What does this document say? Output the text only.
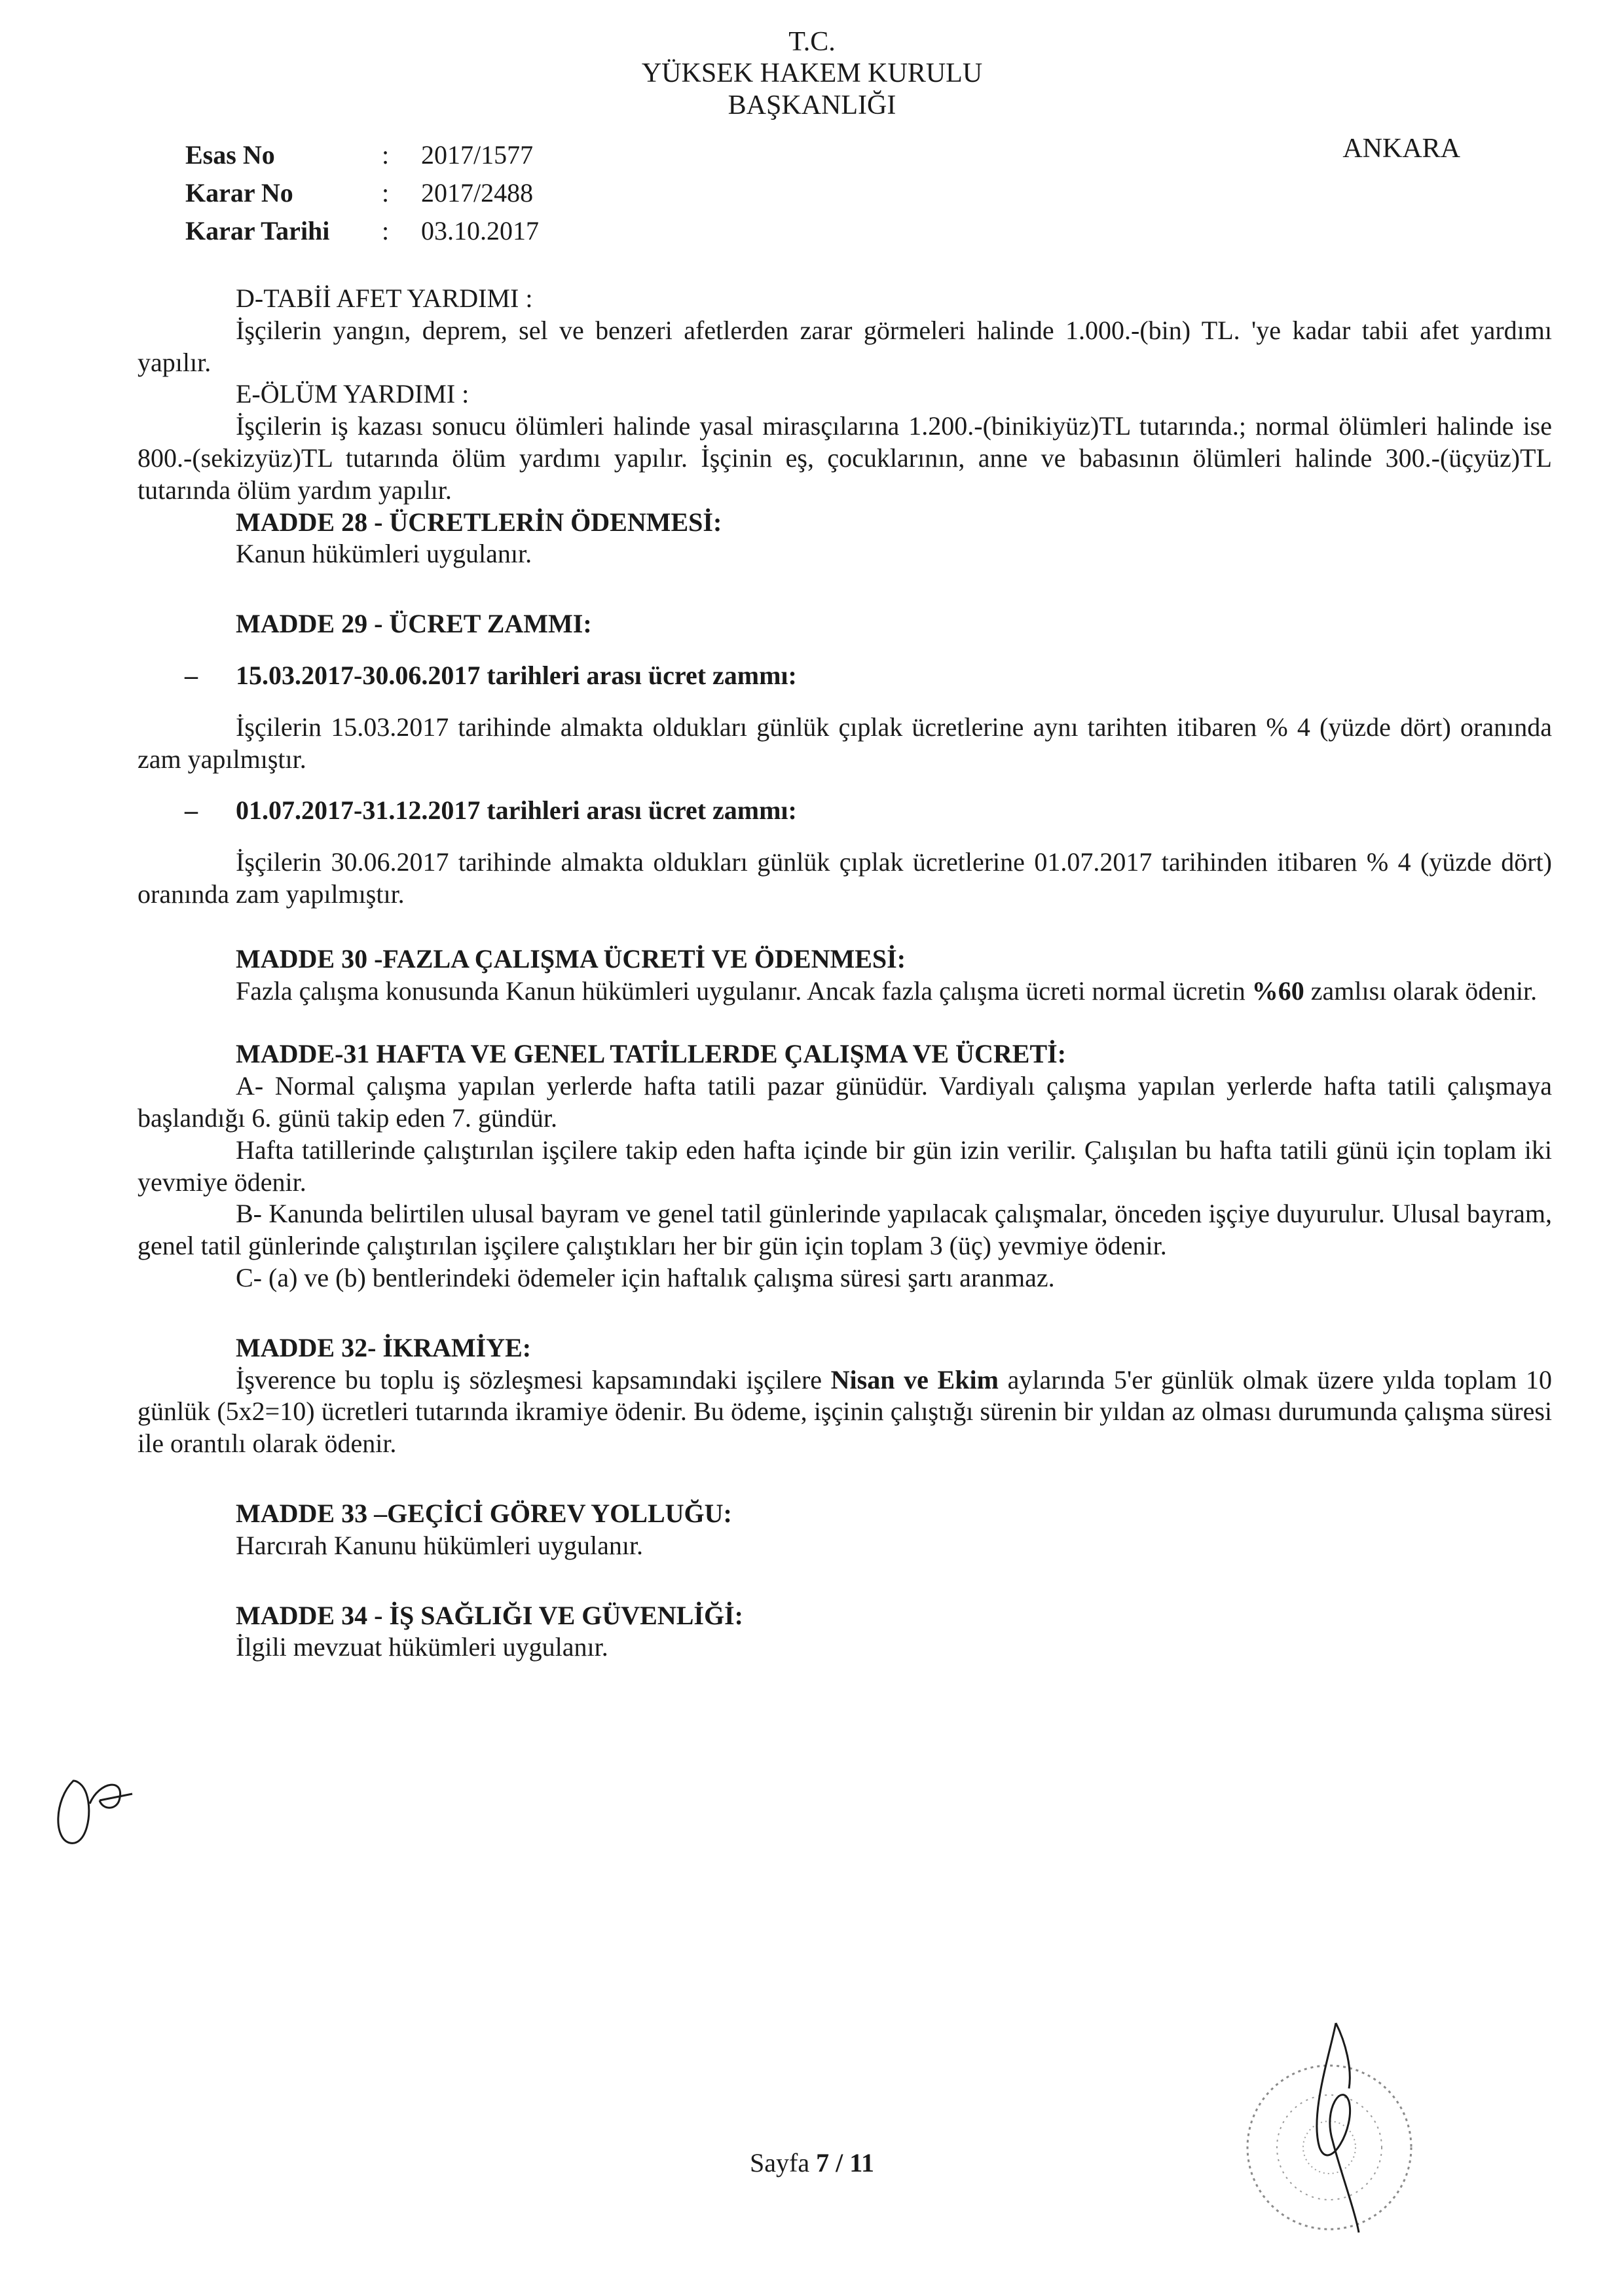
T.C.
YÜKSEK HAKEM KURULU
BAŞKANLIĞI
ANKARA
Esas No	:	2017/1577
Karar No	:	2017/2488
Karar Tarihi	:	03.10.2017

D-TABİİ AFET YARDIMI :

İşçilerin yangın, deprem, sel ve benzeri afetlerden zarar görmeleri halinde 1.000.-(bin) TL. 'ye kadar tabii afet yardımı yapılır.

E-ÖLÜM YARDIMI :

İşçilerin iş kazası sonucu ölümleri halinde yasal mirasçılarına 1.200.-(binikiyüz)TL tutarında.; normal ölümleri halinde ise 800.-(sekizyüz)TL tutarında ölüm yardımı yapılır. İşçinin eş, çocuklarının, anne ve babasının ölümleri halinde 300.-(üçyüz)TL tutarında ölüm yardım yapılır.

MADDE 28 - ÜCRETLERİN ÖDENMESİ:

Kanun hükümleri uygulanır.

MADDE 29 - ÜCRET ZAMMI:

– 15.03.2017-30.06.2017 tarihleri arası ücret zammı:

İşçilerin 15.03.2017 tarihinde almakta oldukları günlük çıplak ücretlerine aynı tarihten itibaren % 4 (yüzde dört) oranında zam yapılmıştır.

– 01.07.2017-31.12.2017 tarihleri arası ücret zammı:

İşçilerin 30.06.2017 tarihinde almakta oldukları günlük çıplak ücretlerine 01.07.2017 tarihinden itibaren % 4 (yüzde dört) oranında zam yapılmıştır.

MADDE 30 -FAZLA ÇALIŞMA ÜCRETİ VE ÖDENMESİ:

Fazla çalışma konusunda Kanun hükümleri uygulanır. Ancak fazla çalışma ücreti normal ücretin %60 zamlısı olarak ödenir.

MADDE-31 HAFTA VE GENEL TATİLLERDE ÇALIŞMA VE ÜCRETİ:

A- Normal çalışma yapılan yerlerde hafta tatili pazar günüdür. Vardiyalı çalışma yapılan yerlerde hafta tatili çalışmaya başlandığı 6. günü takip eden 7. gündür.

Hafta tatillerinde çalıştırılan işçilere takip eden hafta içinde bir gün izin verilir. Çalışılan bu hafta tatili günü için toplam iki yevmiye ödenir.

B- Kanunda belirtilen ulusal bayram ve genel tatil günlerinde yapılacak çalışmalar, önceden işçiye duyurulur. Ulusal bayram, genel tatil günlerinde çalıştırılan işçilere çalıştıkları her bir gün için toplam 3 (üç) yevmiye ödenir.

C- (a) ve (b) bentlerindeki ödemeler için haftalık çalışma süresi şartı aranmaz.

MADDE 32- İKRAMİYE:

İşverence bu toplu iş sözleşmesi kapsamındaki işçilere Nisan ve Ekim aylarında 5'er günlük olmak üzere yılda toplam 10 günlük (5x2=10) ücretleri tutarında ikramiye ödenir. Bu ödeme, işçinin çalıştığı sürenin bir yıldan az olması durumunda çalışma süresi ile orantılı olarak ödenir.

MADDE 33 –GEÇİCİ GÖREV YOLLUĞU:

Harcırah Kanunu hükümleri uygulanır.

MADDE 34 - İŞ SAĞLIĞI VE GÜVENLİĞİ:

İlgili mevzuat hükümleri uygulanır.

Sayfa 7 / 11
